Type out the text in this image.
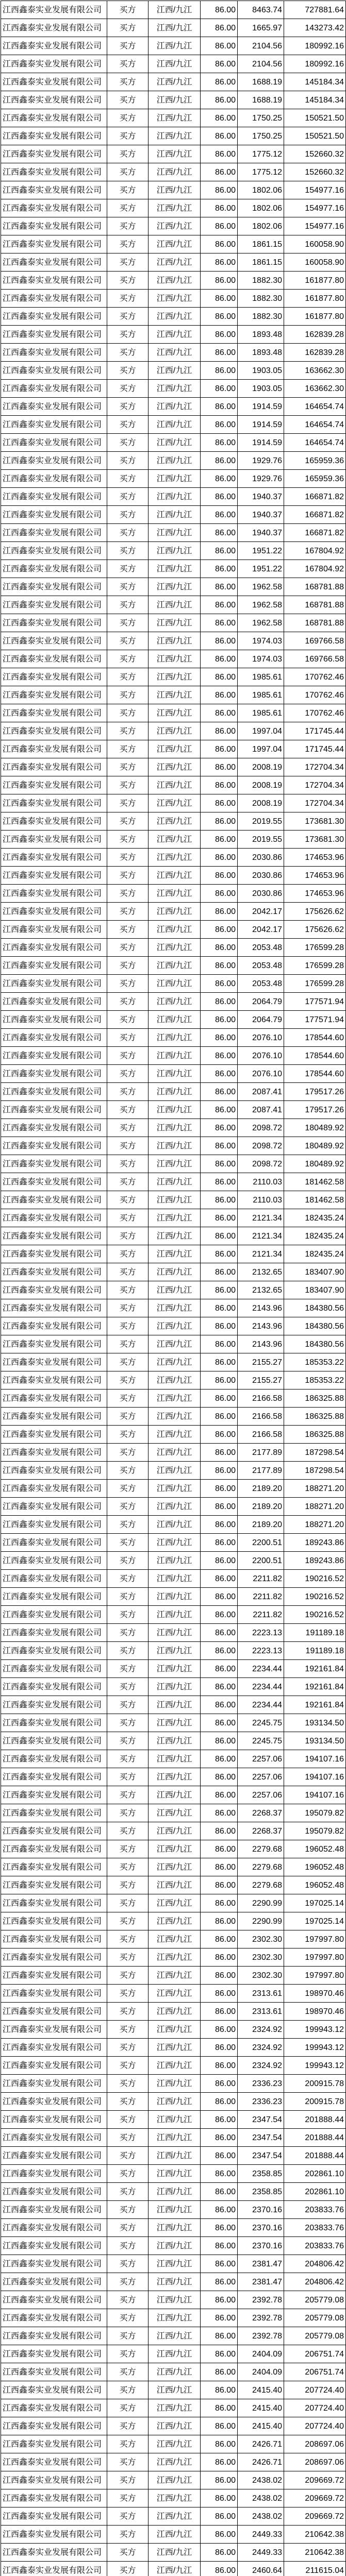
江西鑫泰实业发展有限公司	买方	江西/九江	86.00	8463.74	727881.64
江西鑫泰实业发展有限公司	买方	江西/九江	86.00	1665.97	143273.42
江西鑫泰实业发展有限公司	买方	江西/九江	86.00	2104.56	180992.16
江西鑫泰实业发展有限公司	买方	江西/九江	86.00	2104.56	180992.16
江西鑫泰实业发展有限公司	买方	江西/九江	86.00	1688.19	145184.34
江西鑫泰实业发展有限公司	买方	江西/九江	86.00	1688.19	145184.34
江西鑫泰实业发展有限公司	买方	江西/九江	86.00	1750.25	150521.50
江西鑫泰实业发展有限公司	买方	江西/九江	86.00	1750.25	150521.50
江西鑫泰实业发展有限公司	买方	江西/九江	86.00	1775.12	152660.32
江西鑫泰实业发展有限公司	买方	江西/九江	86.00	1775.12	152660.32
江西鑫泰实业发展有限公司	买方	江西/九江	86.00	1802.06	154977.16
江西鑫泰实业发展有限公司	买方	江西/九江	86.00	1802.06	154977.16
江西鑫泰实业发展有限公司	买方	江西/九江	86.00	1802.06	154977.16
江西鑫泰实业发展有限公司	买方	江西/九江	86.00	1861.15	160058.90
江西鑫泰实业发展有限公司	买方	江西/九江	86.00	1861.15	160058.90
江西鑫泰实业发展有限公司	买方	江西/九江	86.00	1882.30	161877.80
江西鑫泰实业发展有限公司	买方	江西/九江	86.00	1882.30	161877.80
江西鑫泰实业发展有限公司	买方	江西/九江	86.00	1882.30	161877.80
江西鑫泰实业发展有限公司	买方	江西/九江	86.00	1893.48	162839.28
江西鑫泰实业发展有限公司	买方	江西/九江	86.00	1893.48	162839.28
江西鑫泰实业发展有限公司	买方	江西/九江	86.00	1903.05	163662.30
江西鑫泰实业发展有限公司	买方	江西/九江	86.00	1903.05	163662.30
江西鑫泰实业发展有限公司	买方	江西/九江	86.00	1914.59	164654.74
江西鑫泰实业发展有限公司	买方	江西/九江	86.00	1914.59	164654.74
江西鑫泰实业发展有限公司	买方	江西/九江	86.00	1914.59	164654.74
江西鑫泰实业发展有限公司	买方	江西/九江	86.00	1929.76	165959.36
江西鑫泰实业发展有限公司	买方	江西/九江	86.00	1929.76	165959.36
江西鑫泰实业发展有限公司	买方	江西/九江	86.00	1940.37	166871.82
江西鑫泰实业发展有限公司	买方	江西/九江	86.00	1940.37	166871.82
江西鑫泰实业发展有限公司	买方	江西/九江	86.00	1940.37	166871.82
江西鑫泰实业发展有限公司	买方	江西/九江	86.00	1951.22	167804.92
江西鑫泰实业发展有限公司	买方	江西/九江	86.00	1951.22	167804.92
江西鑫泰实业发展有限公司	买方	江西/九江	86.00	1962.58	168781.88
江西鑫泰实业发展有限公司	买方	江西/九江	86.00	1962.58	168781.88
江西鑫泰实业发展有限公司	买方	江西/九江	86.00	1962.58	168781.88
江西鑫泰实业发展有限公司	买方	江西/九江	86.00	1974.03	169766.58
江西鑫泰实业发展有限公司	买方	江西/九江	86.00	1974.03	169766.58
江西鑫泰实业发展有限公司	买方	江西/九江	86.00	1985.61	170762.46
江西鑫泰实业发展有限公司	买方	江西/九江	86.00	1985.61	170762.46
江西鑫泰实业发展有限公司	买方	江西/九江	86.00	1985.61	170762.46
江西鑫泰实业发展有限公司	买方	江西/九江	86.00	1997.04	171745.44
江西鑫泰实业发展有限公司	买方	江西/九江	86.00	1997.04	171745.44
江西鑫泰实业发展有限公司	买方	江西/九江	86.00	2008.19	172704.34
江西鑫泰实业发展有限公司	买方	江西/九江	86.00	2008.19	172704.34
江西鑫泰实业发展有限公司	买方	江西/九江	86.00	2008.19	172704.34
江西鑫泰实业发展有限公司	买方	江西/九江	86.00	2019.55	173681.30
江西鑫泰实业发展有限公司	买方	江西/九江	86.00	2019.55	173681.30
江西鑫泰实业发展有限公司	买方	江西/九江	86.00	2030.86	174653.96
江西鑫泰实业发展有限公司	买方	江西/九江	86.00	2030.86	174653.96
江西鑫泰实业发展有限公司	买方	江西/九江	86.00	2030.86	174653.96
江西鑫泰实业发展有限公司	买方	江西/九江	86.00	2042.17	175626.62
江西鑫泰实业发展有限公司	买方	江西/九江	86.00	2042.17	175626.62
江西鑫泰实业发展有限公司	买方	江西/九江	86.00	2053.48	176599.28
江西鑫泰实业发展有限公司	买方	江西/九江	86.00	2053.48	176599.28
江西鑫泰实业发展有限公司	买方	江西/九江	86.00	2053.48	176599.28
江西鑫泰实业发展有限公司	买方	江西/九江	86.00	2064.79	177571.94
江西鑫泰实业发展有限公司	买方	江西/九江	86.00	2064.79	177571.94
江西鑫泰实业发展有限公司	买方	江西/九江	86.00	2076.10	178544.60
江西鑫泰实业发展有限公司	买方	江西/九江	86.00	2076.10	178544.60
江西鑫泰实业发展有限公司	买方	江西/九江	86.00	2076.10	178544.60
江西鑫泰实业发展有限公司	买方	江西/九江	86.00	2087.41	179517.26
江西鑫泰实业发展有限公司	买方	江西/九江	86.00	2087.41	179517.26
江西鑫泰实业发展有限公司	买方	江西/九江	86.00	2098.72	180489.92
江西鑫泰实业发展有限公司	买方	江西/九江	86.00	2098.72	180489.92
江西鑫泰实业发展有限公司	买方	江西/九江	86.00	2098.72	180489.92
江西鑫泰实业发展有限公司	买方	江西/九江	86.00	2110.03	181462.58
江西鑫泰实业发展有限公司	买方	江西/九江	86.00	2110.03	181462.58
江西鑫泰实业发展有限公司	买方	江西/九江	86.00	2121.34	182435.24
江西鑫泰实业发展有限公司	买方	江西/九江	86.00	2121.34	182435.24
江西鑫泰实业发展有限公司	买方	江西/九江	86.00	2121.34	182435.24
江西鑫泰实业发展有限公司	买方	江西/九江	86.00	2132.65	183407.90
江西鑫泰实业发展有限公司	买方	江西/九江	86.00	2132.65	183407.90
江西鑫泰实业发展有限公司	买方	江西/九江	86.00	2143.96	184380.56
江西鑫泰实业发展有限公司	买方	江西/九江	86.00	2143.96	184380.56
江西鑫泰实业发展有限公司	买方	江西/九江	86.00	2143.96	184380.56
江西鑫泰实业发展有限公司	买方	江西/九江	86.00	2155.27	185353.22
江西鑫泰实业发展有限公司	买方	江西/九江	86.00	2155.27	185353.22
江西鑫泰实业发展有限公司	买方	江西/九江	86.00	2166.58	186325.88
江西鑫泰实业发展有限公司	买方	江西/九江	86.00	2166.58	186325.88
江西鑫泰实业发展有限公司	买方	江西/九江	86.00	2166.58	186325.88
江西鑫泰实业发展有限公司	买方	江西/九江	86.00	2177.89	187298.54
江西鑫泰实业发展有限公司	买方	江西/九江	86.00	2177.89	187298.54
江西鑫泰实业发展有限公司	买方	江西/九江	86.00	2189.20	188271.20
江西鑫泰实业发展有限公司	买方	江西/九江	86.00	2189.20	188271.20
江西鑫泰实业发展有限公司	买方	江西/九江	86.00	2189.20	188271.20
江西鑫泰实业发展有限公司	买方	江西/九江	86.00	2200.51	189243.86
江西鑫泰实业发展有限公司	买方	江西/九江	86.00	2200.51	189243.86
江西鑫泰实业发展有限公司	买方	江西/九江	86.00	2211.82	190216.52
江西鑫泰实业发展有限公司	买方	江西/九江	86.00	2211.82	190216.52
江西鑫泰实业发展有限公司	买方	江西/九江	86.00	2211.82	190216.52
江西鑫泰实业发展有限公司	买方	江西/九江	86.00	2223.13	191189.18
江西鑫泰实业发展有限公司	买方	江西/九江	86.00	2223.13	191189.18
江西鑫泰实业发展有限公司	买方	江西/九江	86.00	2234.44	192161.84
江西鑫泰实业发展有限公司	买方	江西/九江	86.00	2234.44	192161.84
江西鑫泰实业发展有限公司	买方	江西/九江	86.00	2234.44	192161.84
江西鑫泰实业发展有限公司	买方	江西/九江	86.00	2245.75	193134.50
江西鑫泰实业发展有限公司	买方	江西/九江	86.00	2245.75	193134.50
江西鑫泰实业发展有限公司	买方	江西/九江	86.00	2257.06	194107.16
江西鑫泰实业发展有限公司	买方	江西/九江	86.00	2257.06	194107.16
江西鑫泰实业发展有限公司	买方	江西/九江	86.00	2257.06	194107.16
江西鑫泰实业发展有限公司	买方	江西/九江	86.00	2268.37	195079.82
江西鑫泰实业发展有限公司	买方	江西/九江	86.00	2268.37	195079.82
江西鑫泰实业发展有限公司	买方	江西/九江	86.00	2279.68	196052.48
江西鑫泰实业发展有限公司	买方	江西/九江	86.00	2279.68	196052.48
江西鑫泰实业发展有限公司	买方	江西/九江	86.00	2279.68	196052.48
江西鑫泰实业发展有限公司	买方	江西/九江	86.00	2290.99	197025.14
江西鑫泰实业发展有限公司	买方	江西/九江	86.00	2290.99	197025.14
江西鑫泰实业发展有限公司	买方	江西/九江	86.00	2302.30	197997.80
江西鑫泰实业发展有限公司	买方	江西/九江	86.00	2302.30	197997.80
江西鑫泰实业发展有限公司	买方	江西/九江	86.00	2302.30	197997.80
江西鑫泰实业发展有限公司	买方	江西/九江	86.00	2313.61	198970.46
江西鑫泰实业发展有限公司	买方	江西/九江	86.00	2313.61	198970.46
江西鑫泰实业发展有限公司	买方	江西/九江	86.00	2324.92	199943.12
江西鑫泰实业发展有限公司	买方	江西/九江	86.00	2324.92	199943.12
江西鑫泰实业发展有限公司	买方	江西/九江	86.00	2324.92	199943.12
江西鑫泰实业发展有限公司	买方	江西/九江	86.00	2336.23	200915.78
江西鑫泰实业发展有限公司	买方	江西/九江	86.00	2336.23	200915.78
江西鑫泰实业发展有限公司	买方	江西/九江	86.00	2347.54	201888.44
江西鑫泰实业发展有限公司	买方	江西/九江	86.00	2347.54	201888.44
江西鑫泰实业发展有限公司	买方	江西/九江	86.00	2347.54	201888.44
江西鑫泰实业发展有限公司	买方	江西/九江	86.00	2358.85	202861.10
江西鑫泰实业发展有限公司	买方	江西/九江	86.00	2358.85	202861.10
江西鑫泰实业发展有限公司	买方	江西/九江	86.00	2370.16	203833.76
江西鑫泰实业发展有限公司	买方	江西/九江	86.00	2370.16	203833.76
江西鑫泰实业发展有限公司	买方	江西/九江	86.00	2370.16	203833.76
江西鑫泰实业发展有限公司	买方	江西/九江	86.00	2381.47	204806.42
江西鑫泰实业发展有限公司	买方	江西/九江	86.00	2381.47	204806.42
江西鑫泰实业发展有限公司	买方	江西/九江	86.00	2392.78	205779.08
江西鑫泰实业发展有限公司	买方	江西/九江	86.00	2392.78	205779.08
江西鑫泰实业发展有限公司	买方	江西/九江	86.00	2392.78	205779.08
江西鑫泰实业发展有限公司	买方	江西/九江	86.00	2404.09	206751.74
江西鑫泰实业发展有限公司	买方	江西/九江	86.00	2404.09	206751.74
江西鑫泰实业发展有限公司	买方	江西/九江	86.00	2415.40	207724.40
江西鑫泰实业发展有限公司	买方	江西/九江	86.00	2415.40	207724.40
江西鑫泰实业发展有限公司	买方	江西/九江	86.00	2415.40	207724.40
江西鑫泰实业发展有限公司	买方	江西/九江	86.00	2426.71	208697.06
江西鑫泰实业发展有限公司	买方	江西/九江	86.00	2426.71	208697.06
江西鑫泰实业发展有限公司	买方	江西/九江	86.00	2438.02	209669.72
江西鑫泰实业发展有限公司	买方	江西/九江	86.00	2438.02	209669.72
江西鑫泰实业发展有限公司	买方	江西/九江	86.00	2438.02	209669.72
江西鑫泰实业发展有限公司	买方	江西/九江	86.00	2449.33	210642.38
江西鑫泰实业发展有限公司	买方	江西/九江	86.00	2449.33	210642.38
江西鑫泰实业发展有限公司	买方	江西/九江	86.00	2460.64	211615.04
